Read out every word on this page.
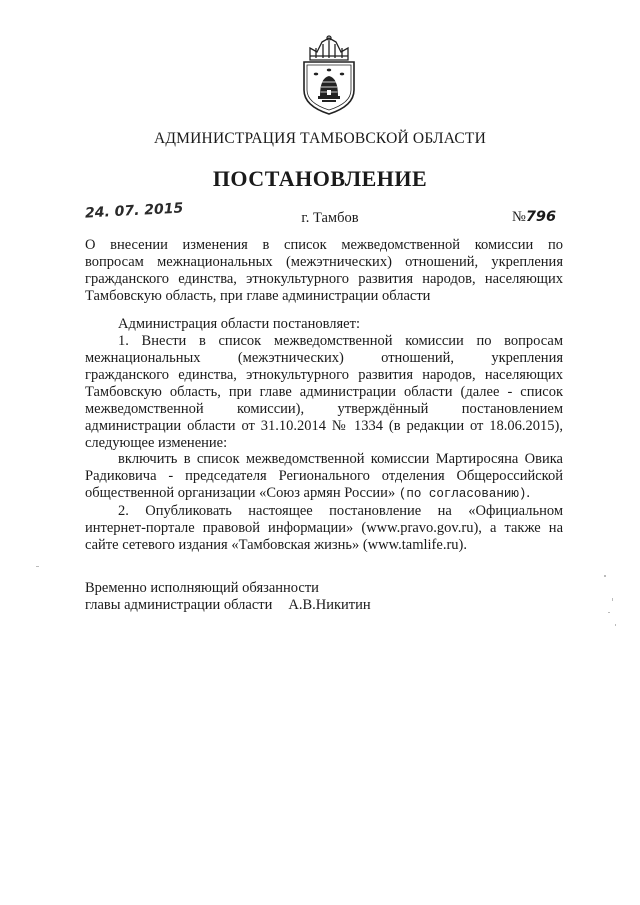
АДМИНИСТРАЦИЯ ТАМБОВСКОЙ ОБЛАСТИ
ПОСТАНОВЛЕНИЕ
24. 07. 2015	г. Тамбов	№796
О внесении изменения в список межведомственной комиссии по
вопросам межнациональных (межэтнических) отношений, укрепления
гражданского единства, этнокультурного развития народов, населяющих
Тамбовскую область, при главе администрации области
Администрация области постановляет:
1. Внести в список межведомственной комиссии по вопросам
межнациональных (межэтнических) отношений, укрепления
гражданского единства, этнокультурного развития народов, населяющих
Тамбовскую область, при главе администрации области (далее - список
межведомственной комиссии), утверждённый постановлением
администрации области от 31.10.2014 № 1334 (в редакции от 18.06.2015),
следующее изменение:
включить в список межведомственной комиссии Мартиросяна Овика
Радиковича - председателя Регионального отделения Общероссийской
общественной организации «Союз армян России» (по согласованию).
2. Опубликовать настоящее постановление на «Официальном
интернет-портале правовой информации» (www.pravo.gov.ru), а также на
сайте сетевого издания «Тамбовская жизнь» (www.tamlife.ru).
Временно исполняющий обязанности
главы администрации области А.В.Никитин
